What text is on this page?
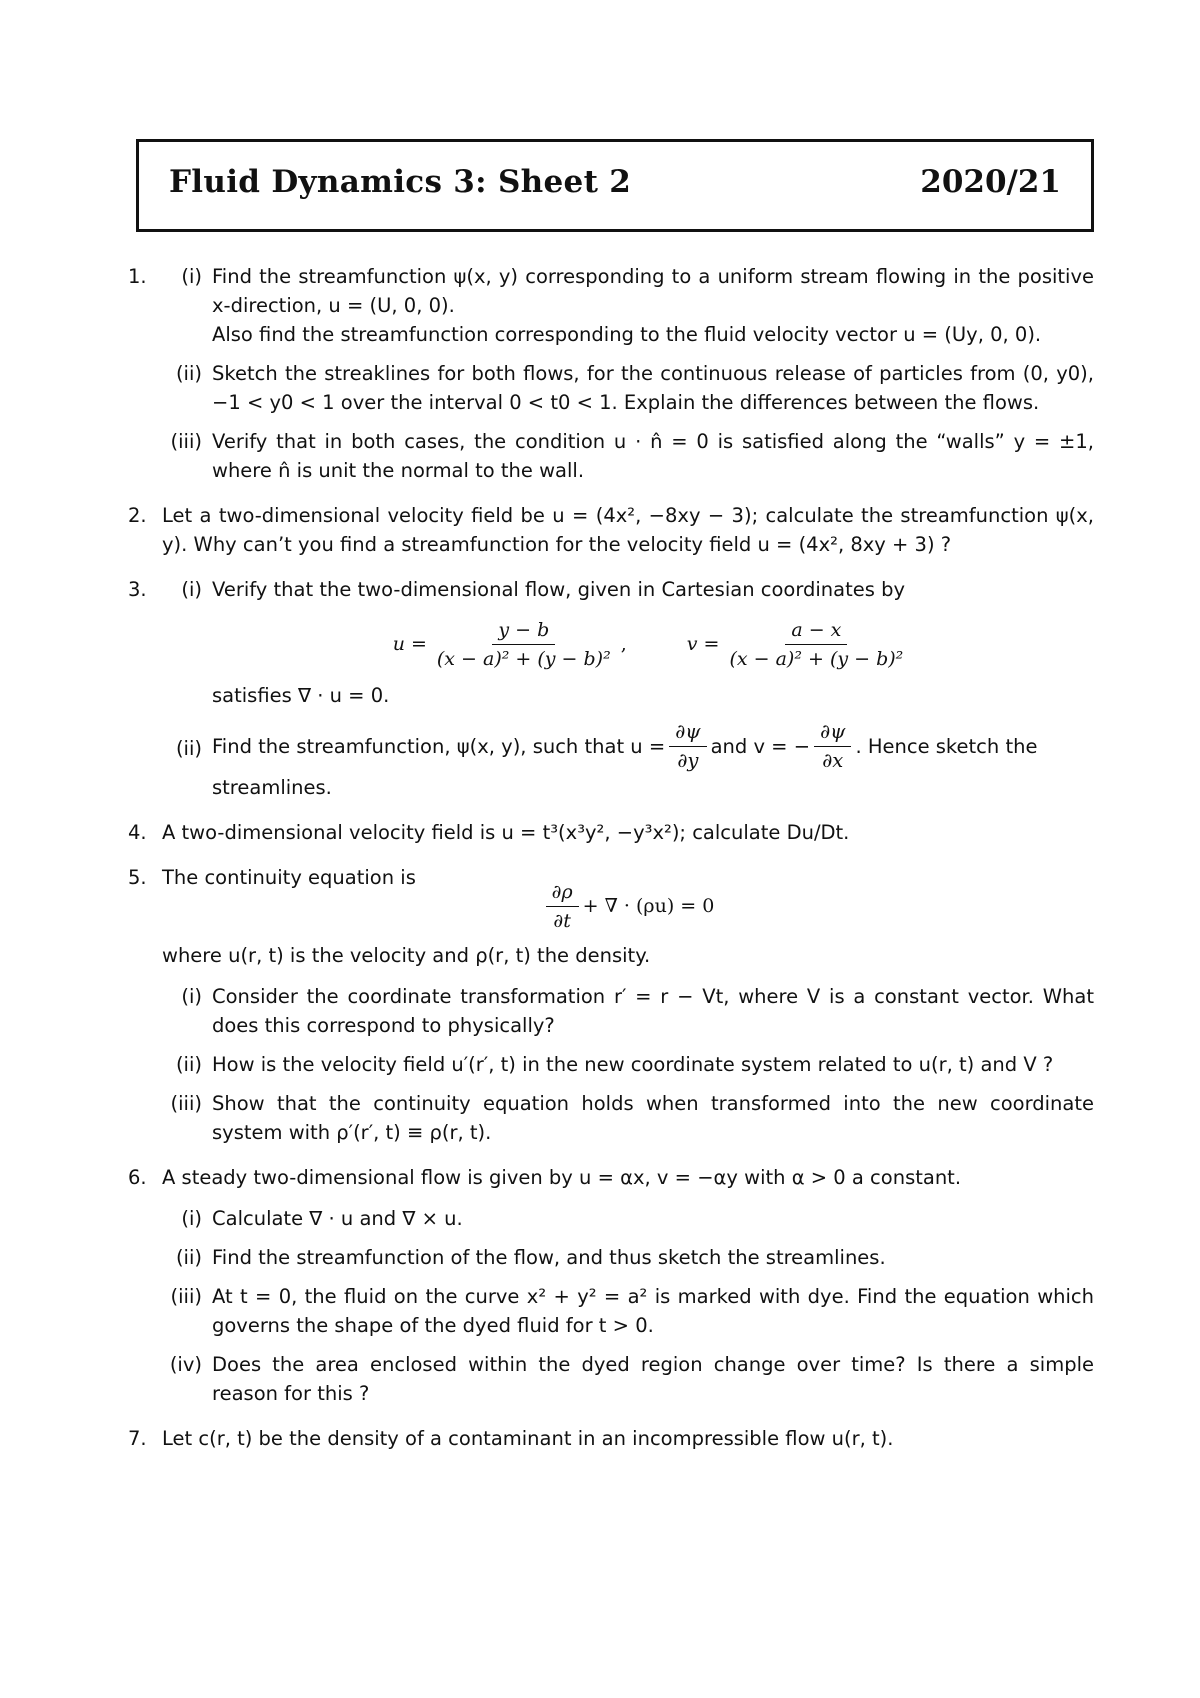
Fluid Dynamics 3: Sheet 2	2020/21
1.	(i) Find the streamfunction ψ(x, y) corresponding to a uniform stream flowing in the positive x-direction, u = (U, 0, 0).
Also find the streamfunction corresponding to the fluid velocity vector u = (Uy, 0, 0).
(ii) Sketch the streaklines for both flows, for the continuous release of particles from (0, y0), −1 < y0 < 1 over the interval 0 < t0 < 1. Explain the differences between the flows.
(iii) Verify that in both cases, the condition u · n̂ = 0 is satisfied along the “walls” y = ±1, where n̂ is unit the normal to the wall.
2. Let a two-dimensional velocity field be u = (4x², −8xy − 3); calculate the streamfunction ψ(x, y). Why can’t you find a streamfunction for the velocity field u = (4x², 8xy + 3) ?
3.	(i) Verify that the two-dimensional flow, given in Cartesian coordinates by
$u = \frac{y - b}{\text{(x − a)² + (y − b)²}}$ ,	$v = \frac{a - x}{\text{(x − a)² + (y − b)²}}$
satisfies ∇ · u = 0.
(ii) Find the streamfunction, ψ(x, y), such that $u = \frac{\partial\psi}{\partial y}$ and v = − $\frac{\partial\psi}{\partial x}$ . Hence sketch the
streamlines.
4. A two-dimensional velocity field is u = t³(x³y², −y³x²); calculate Du/Dt.
5. The continuity equation is
$\frac{\partial\rho}{\partial t}$ + ∇ · (ρu) = 0
where u(r, t) is the velocity and ρ(r, t) the density.
(i) Consider the coordinate transformation r′ = r − Vt, where V is a constant vector. What does this correspond to physically?
(ii) How is the velocity field u′(r′, t) in the new coordinate system related to u(r, t) and V ?
(iii) Show that the continuity equation holds when transformed into the new coordinate system with ρ′(r′, t) ≡ ρ(r, t).
6. A steady two-dimensional flow is given by u = αx, v = −αy with α > 0 a constant.
(i) Calculate ∇ · u and ∇ × u.
(ii) Find the streamfunction of the flow, and thus sketch the streamlines.
(iii) At t = 0, the fluid on the curve x² + y² = a² is marked with dye. Find the equation which governs the shape of the dyed fluid for t > 0.
(iv) Does the area enclosed within the dyed region change over time? Is there a simple reason for this ?
7. Let c(r, t) be the density of a contaminant in an incompressible flow u(r, t).
